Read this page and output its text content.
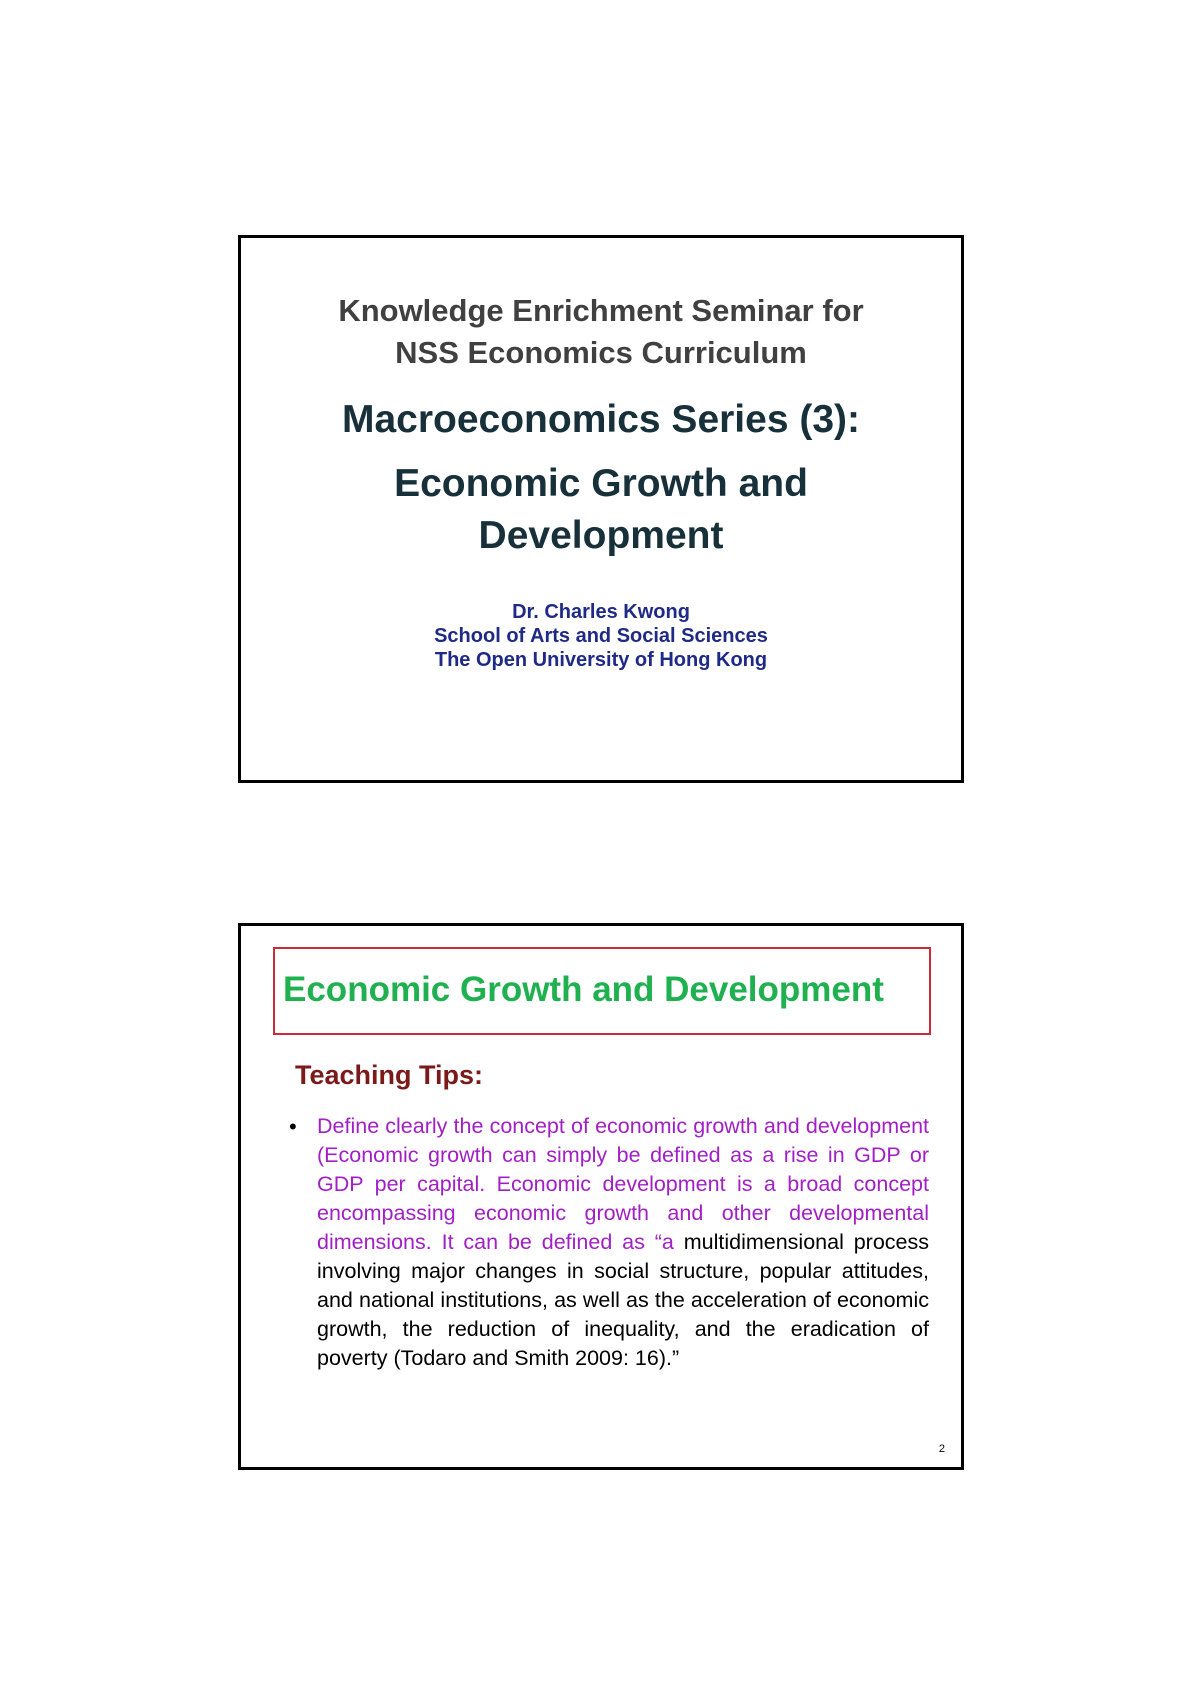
Knowledge Enrichment Seminar for
NSS Economics Curriculum
Macroeconomics Series (3):
Economic Growth and
Development
Dr. Charles Kwong
School of Arts and Social Sciences
The Open University of Hong Kong
Economic Growth and Development
Teaching Tips:
• Define clearly the concept of economic growth and development (Economic growth can simply be defined as a rise in GDP or GDP per capital. Economic development is a broad concept encompassing economic growth and other developmental dimensions. It can be defined as “a multidimensional process involving major changes in social structure, popular attitudes, and national institutions, as well as the acceleration of economic growth, the reduction of inequality, and the eradication of poverty (Todaro and Smith 2009: 16).”
2
